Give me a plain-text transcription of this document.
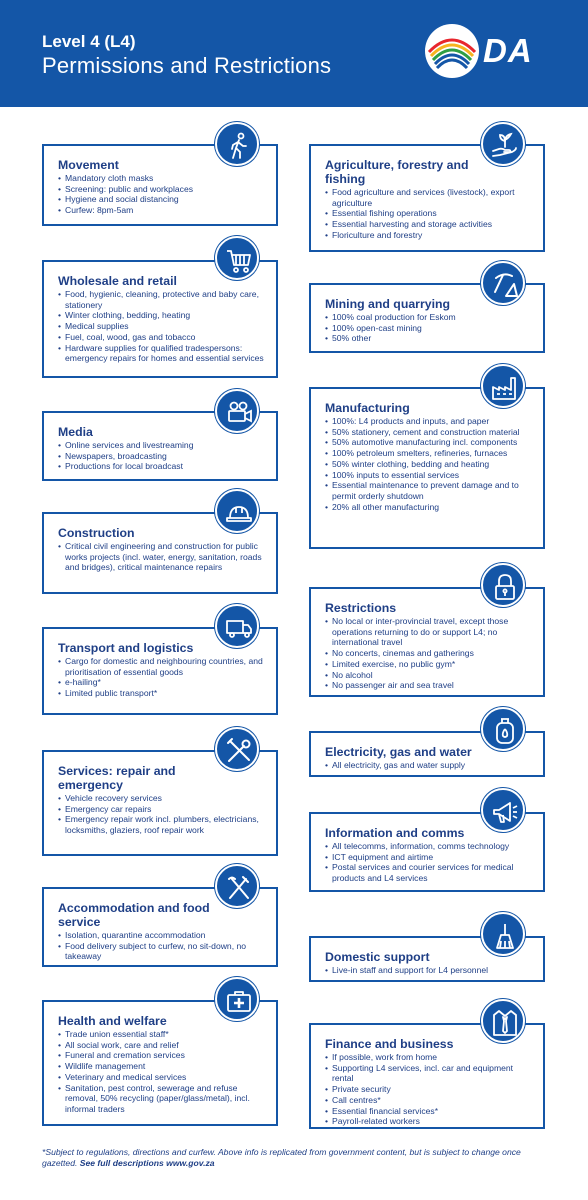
Level 4 (L4)
Permissions and Restrictions	DA
Movement
• Mandatory cloth masks
• Screening: public and workplaces
• Hygiene and social distancing
• Curfew: 8pm-5am
Wholesale and retail
• Food, hygienic, cleaning, protective and baby care, stationery
• Winter clothing, bedding, heating
• Medical supplies
• Fuel, coal, wood, gas and tobacco
• Hardware supplies for qualified tradespersons: emergency repairs for homes and essential services
Media
• Online services and livestreaming
• Newspapers, broadcasting
• Productions for local broadcast
Construction
• Critical civil engineering and construction for public works projects (incl. water, energy, sanitation, roads and bridges), critical maintenance repairs
Transport and logistics
• Cargo for domestic and neighbouring countries, and prioritisation of essential goods
• e-hailing*
• Limited public transport*
Services: repair and emergency
• Vehicle recovery services
• Emergency car repairs
• Emergency repair work incl. plumbers, electricians, locksmiths, glaziers, roof repair work
Accommodation and food service
• Isolation, quarantine accommodation
• Food delivery subject to curfew, no sit-down, no takeaway
Health and welfare
• Trade union essential staff*
• All social work, care and relief
• Funeral and cremation services
• Wildlife management
• Veterinary and medical services
• Sanitation, pest control, sewerage and refuse removal, 50% recycling (paper/glass/metal), incl. informal traders
Agriculture, forestry and fishing
• Food agriculture and services (livestock), export agriculture
• Essential fishing operations
• Essential harvesting and storage activities
• Floriculture and forestry
Mining and quarrying
• 100% coal production for Eskom
• 100% open-cast mining
• 50% other
Manufacturing
• 100%: L4 products and inputs, and paper
• 50% stationery, cement and construction material
• 50% automotive manufacturing incl. components
• 100% petroleum smelters, refineries, furnaces
• 50% winter clothing, bedding and heating
• 100% inputs to essential services
• Essential maintenance to prevent damage and to permit orderly shutdown
• 20% all other manufacturing
Restrictions
• No local or inter-provincial travel, except those operations returning to do or support L4; no international travel
• No concerts, cinemas and gatherings
• Limited exercise, no public gym*
• No alcohol
• No passenger air and sea travel
Electricity, gas and water
• All electricity, gas and water supply
Information and comms
• All telecomms, information, comms technology
• ICT equipment and airtime
• Postal services and courier services for medical products and L4 services
Domestic support
• Live-in staff and support for L4 personnel
Finance and business
• If possible, work from home
• Supporting L4 services, incl. car and equipment rental
• Private security
• Call centres*
• Essential financial services*
• Payroll-related workers
*Subject to regulations, directions and curfew. Above info is replicated from government content, but is subject to change once gazetted. See full descriptions www.gov.za
